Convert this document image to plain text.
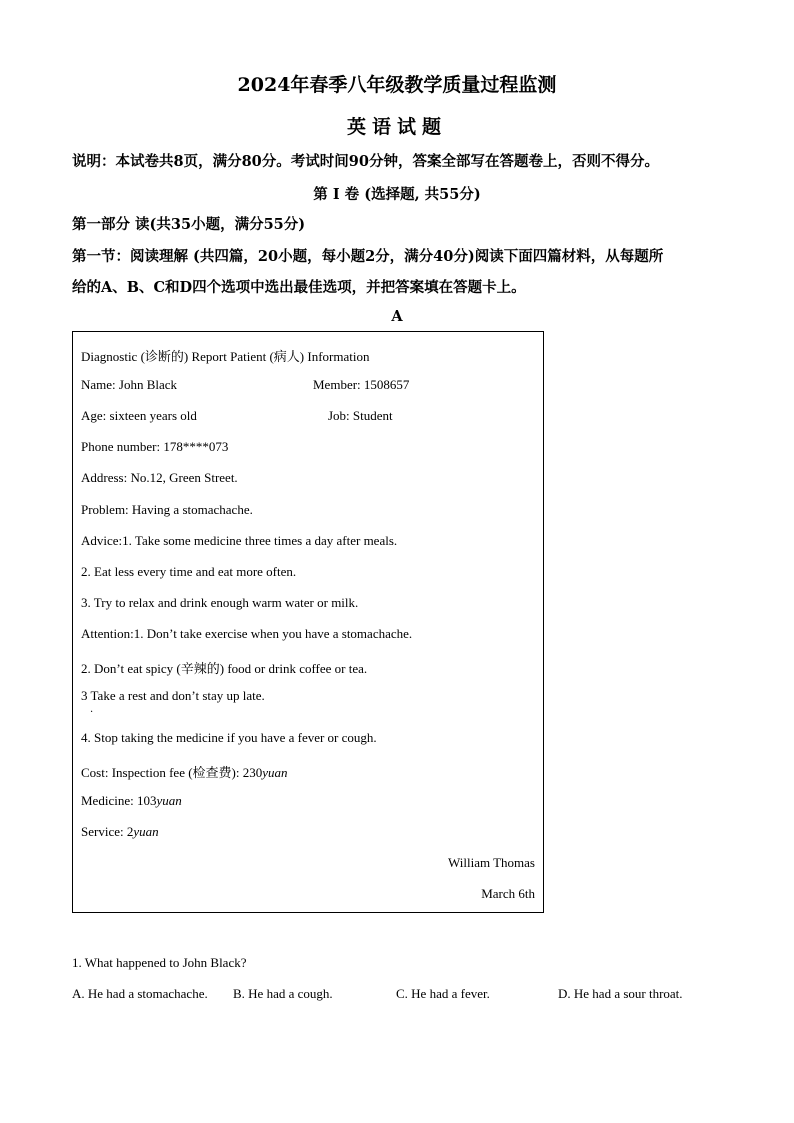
2024年春季八年级教学质量过程监测
英语试题
说明：本试卷共8页，满分80分。考试时间90分钟，答案全部写在答题卷上，否则不得分。
第 I 卷 (选择题, 共55分)
第一部分 读(共35小题，满分55分)
第一节：阅读理解 (共四篇，20小题，每小题2分，满分40分)阅读下面四篇材料，从每题所
给的A、B、C和D四个选项中选出最佳选项，并把答案填在答题卡上。
A
Diagnostic (诊断的) Report Patient (病人) Information
Name: John Black	Member: 1508657
Age: sixteen years old	Job: Student
Phone number: 178****073
Address: No.12, Green Street.
Problem: Having a stomachache.
Advice:1. Take some medicine three times a day after meals.
2. Eat less every time and eat more often.
3. Try to relax and drink enough warm water or milk.
Attention:1. Don’t take exercise when you have a stomachache.
2. Don’t eat spicy (辛辣的) food or drink coffee or tea.
3 Take a rest and don’t stay up late.
.
4. Stop taking the medicine if you have a fever or cough.
Cost: Inspection fee (检查费): 230yuan
Medicine: 103yuan
Service: 2yuan
William Thomas
March 6th
1. What happened to John Black?
A. He had a stomachache. B. He had a cough.	C. He had a fever.	D. He had a sour throat.
